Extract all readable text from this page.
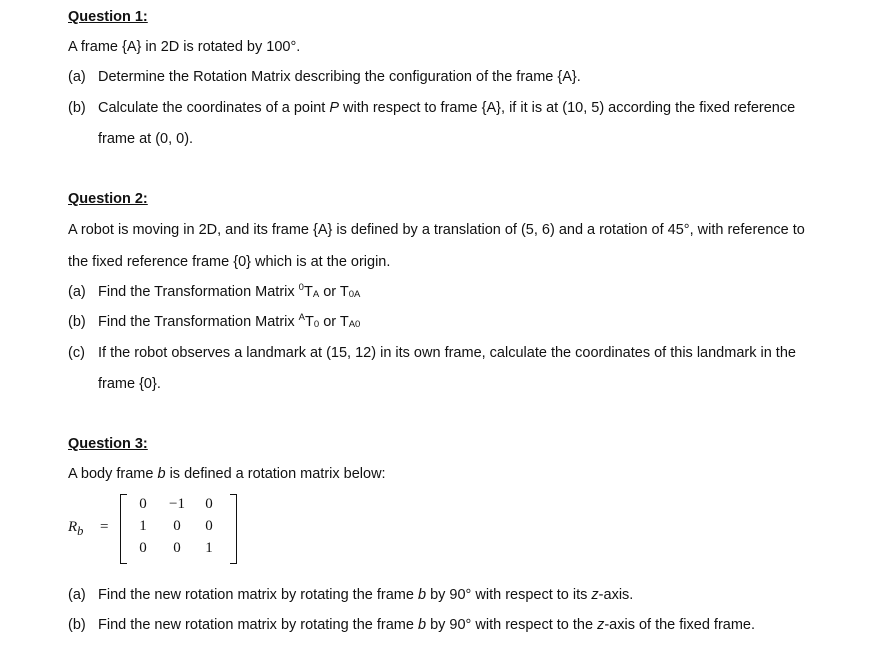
Question 1:
A frame {A} in 2D is rotated by 100°.
(a) Determine the Rotation Matrix describing the configuration of the frame {A}.
(b) Calculate the coordinates of a point P with respect to frame {A}, if it is at (10, 5) according the fixed reference
frame at (0, 0).
Question 2:
A robot is moving in 2D, and its frame {A} is defined by a translation of (5, 6) and a rotation of 45°, with reference to
the fixed reference frame {0} which is at the origin.
(a) Find the Transformation Matrix $^0T_A$ or $T_{0A}$
(b) Find the Transformation Matrix $^AT_0$ or $T_{A0}$
(c) If the robot observes a landmark at (15, 12) in its own frame, calculate the coordinates of this landmark in the
frame {0}.
Question 3:
A body frame b is defined a rotation matrix below:
$R_b$ =
0	−1	0
1	0	0
0	0	1
(a) Find the new rotation matrix by rotating the frame b by 90° with respect to its z-axis.
(b) Find the new rotation matrix by rotating the frame b by 90° with respect to the z-axis of the fixed frame.
